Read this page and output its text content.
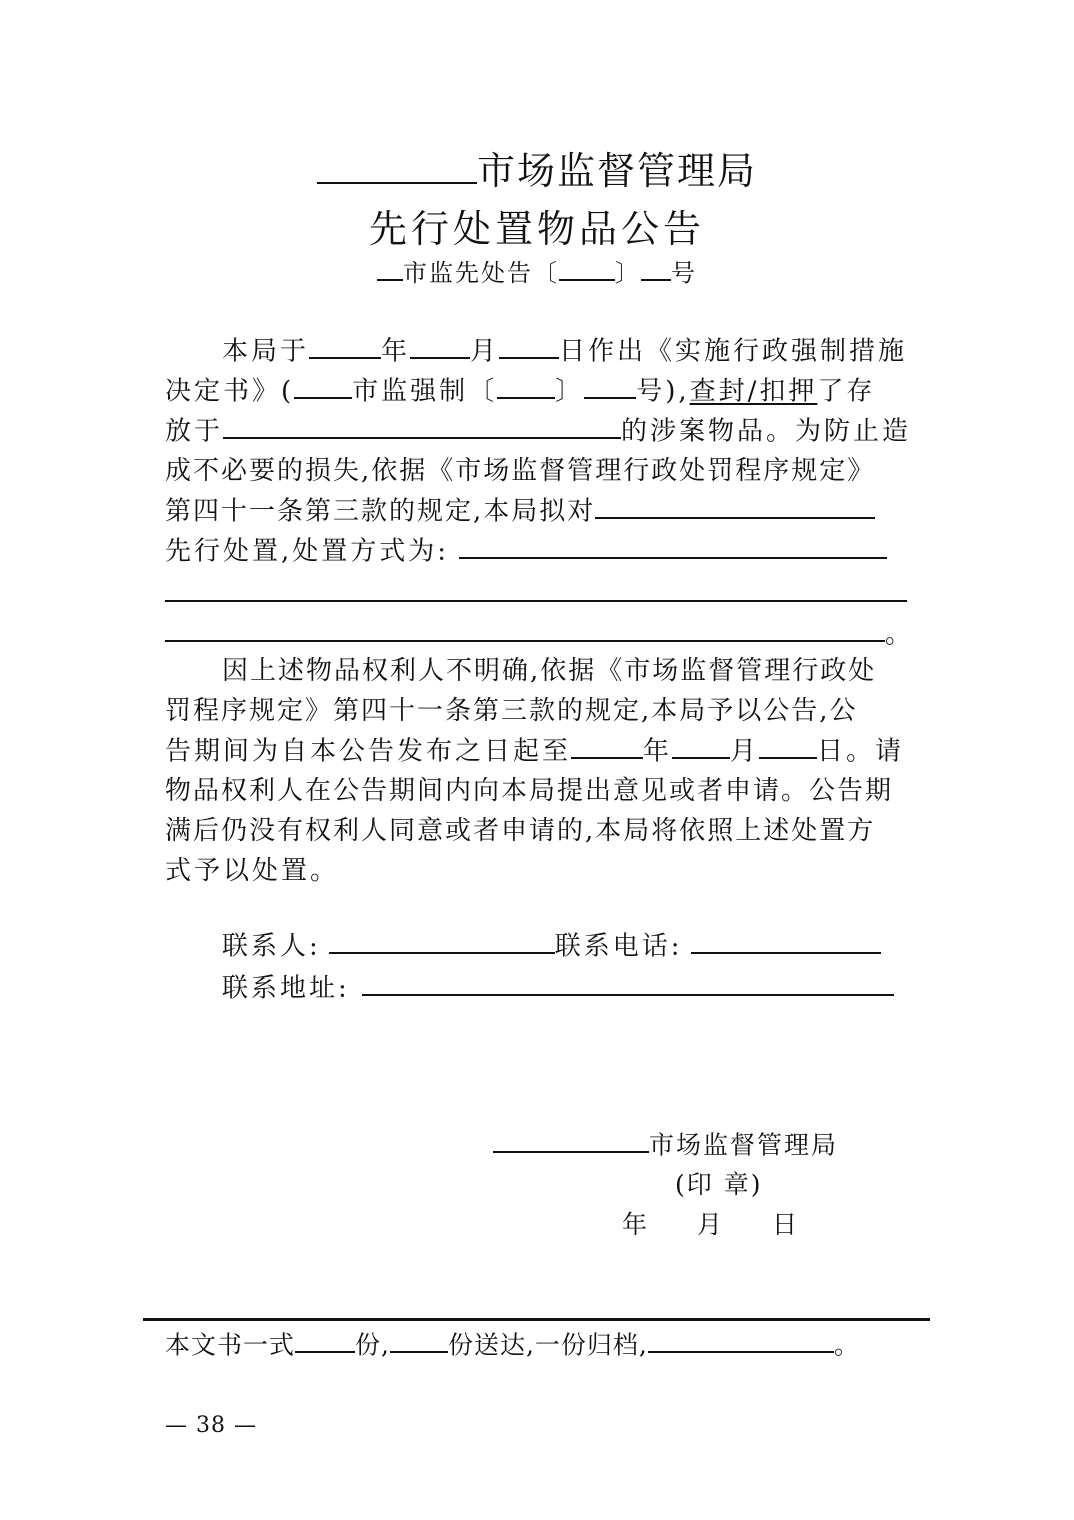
市场监督管理局
先行处置物品公告
市监先处告〔 〕 号
本局于	年 月 日作出《实施行政强制措施
决定书》( 市监强制〔 〕 号),查封/扣押了存
放于	的涉案物品。为防止造
成不必要的损失,依据《市场监督管理行政处罚程序规定》
第四十一条第三款的规定,本局拟对
先行处置,处置方式为:
。
因上述物品权利人不明确,依据《市场监督管理行政处
罚程序规定》第四十一条第三款的规定,本局予以公告,公
告期间为自本公告发布之日起至	年 月 日。请
物品权利人在公告期间内向本局提出意见或者申请。公告期
满后仍没有权利人同意或者申请的,本局将依照上述处置方
式予以处置。
联系人:	联系电话:
联系地址:
市场监督管理局
(印 章)
年 月 日
本文书一式 份, 份送达,一份归档,	。
— 38 —
